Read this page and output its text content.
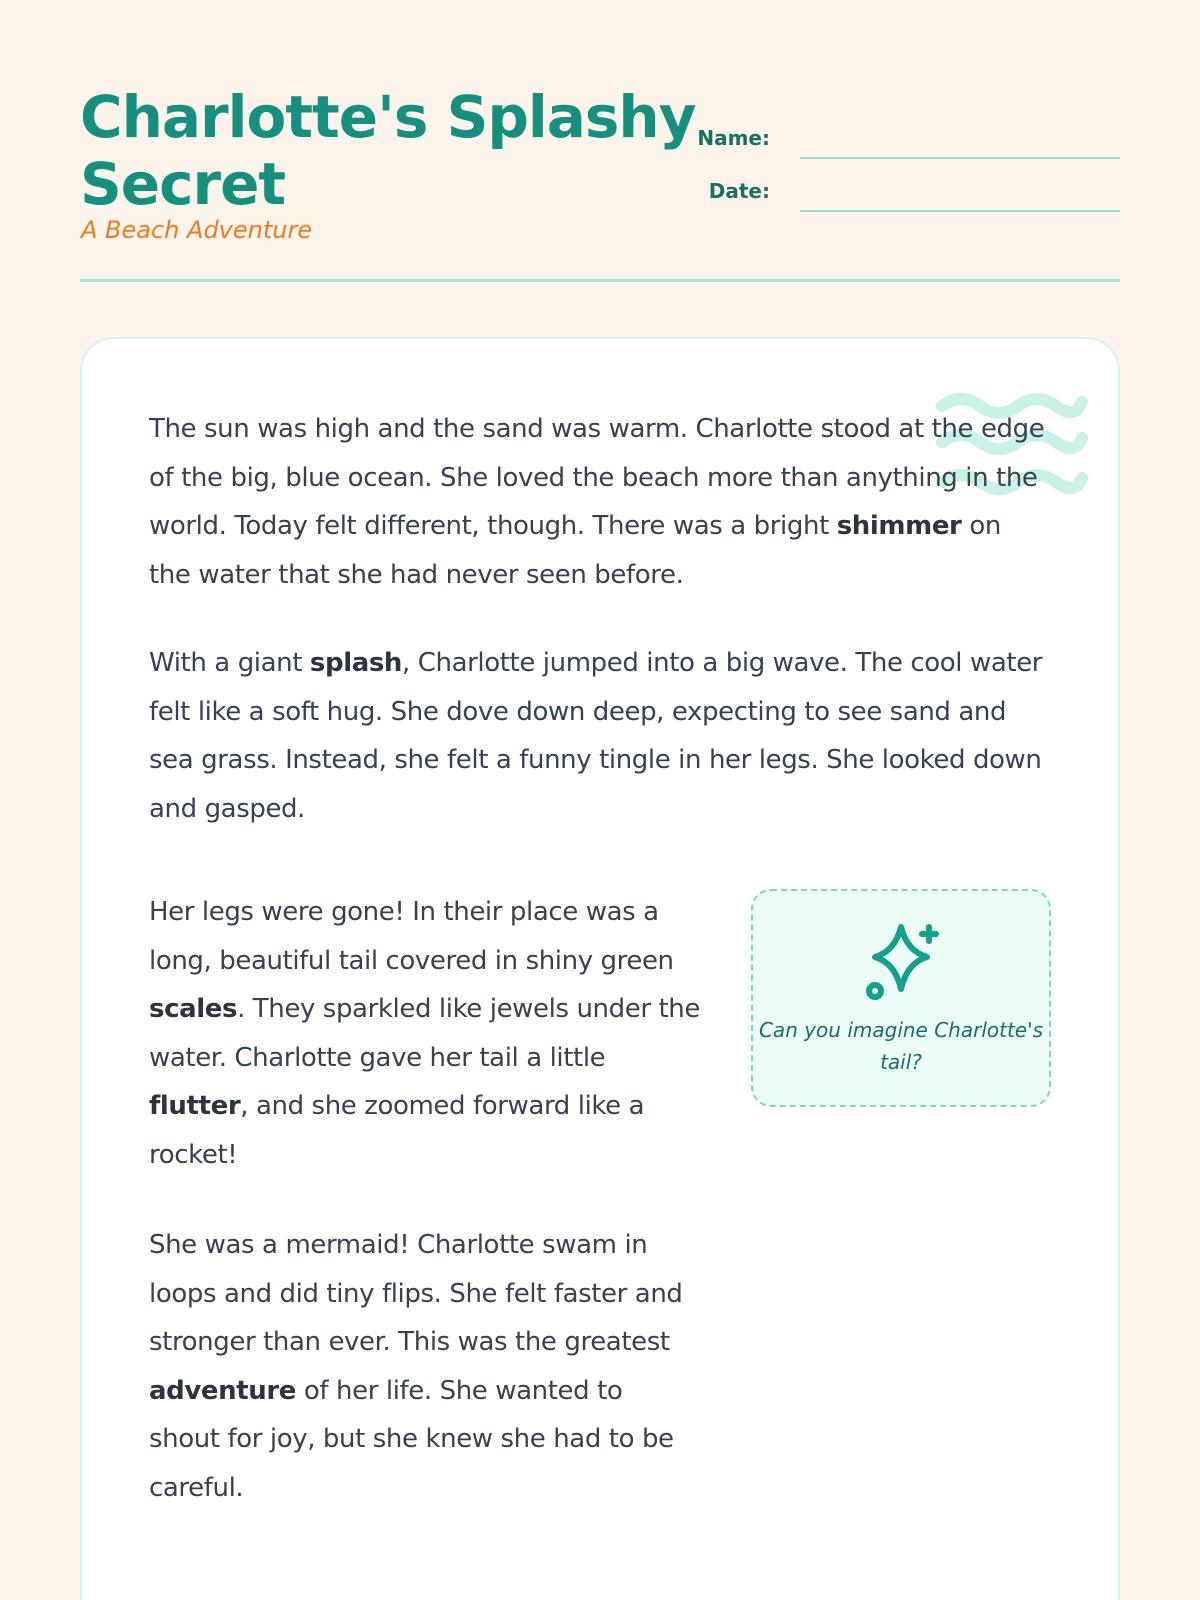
Charlotte's Splashy Secret
A Beach Adventure
Name:
Date:

The sun was high and the sand was warm. Charlotte stood at the edge of the big, blue ocean. She loved the beach more than anything in the world. Today felt different, though. There was a bright shimmer on the water that she had never seen before.

With a giant splash, Charlotte jumped into a big wave. The cool water felt like a soft hug. She dove down deep, expecting to see sand and sea grass. Instead, she felt a funny tingle in her legs. She looked down and gasped.

Her legs were gone! In their place was a long, beautiful tail covered in shiny green scales. They sparkled like jewels under the water. Charlotte gave her tail a little flutter, and she zoomed forward like a rocket!

She was a mermaid! Charlotte swam in loops and did tiny flips. She felt faster and stronger than ever. This was the greatest adventure of her life. She wanted to shout for joy, but she knew she had to be careful.

Can you imagine Charlotte's tail?
